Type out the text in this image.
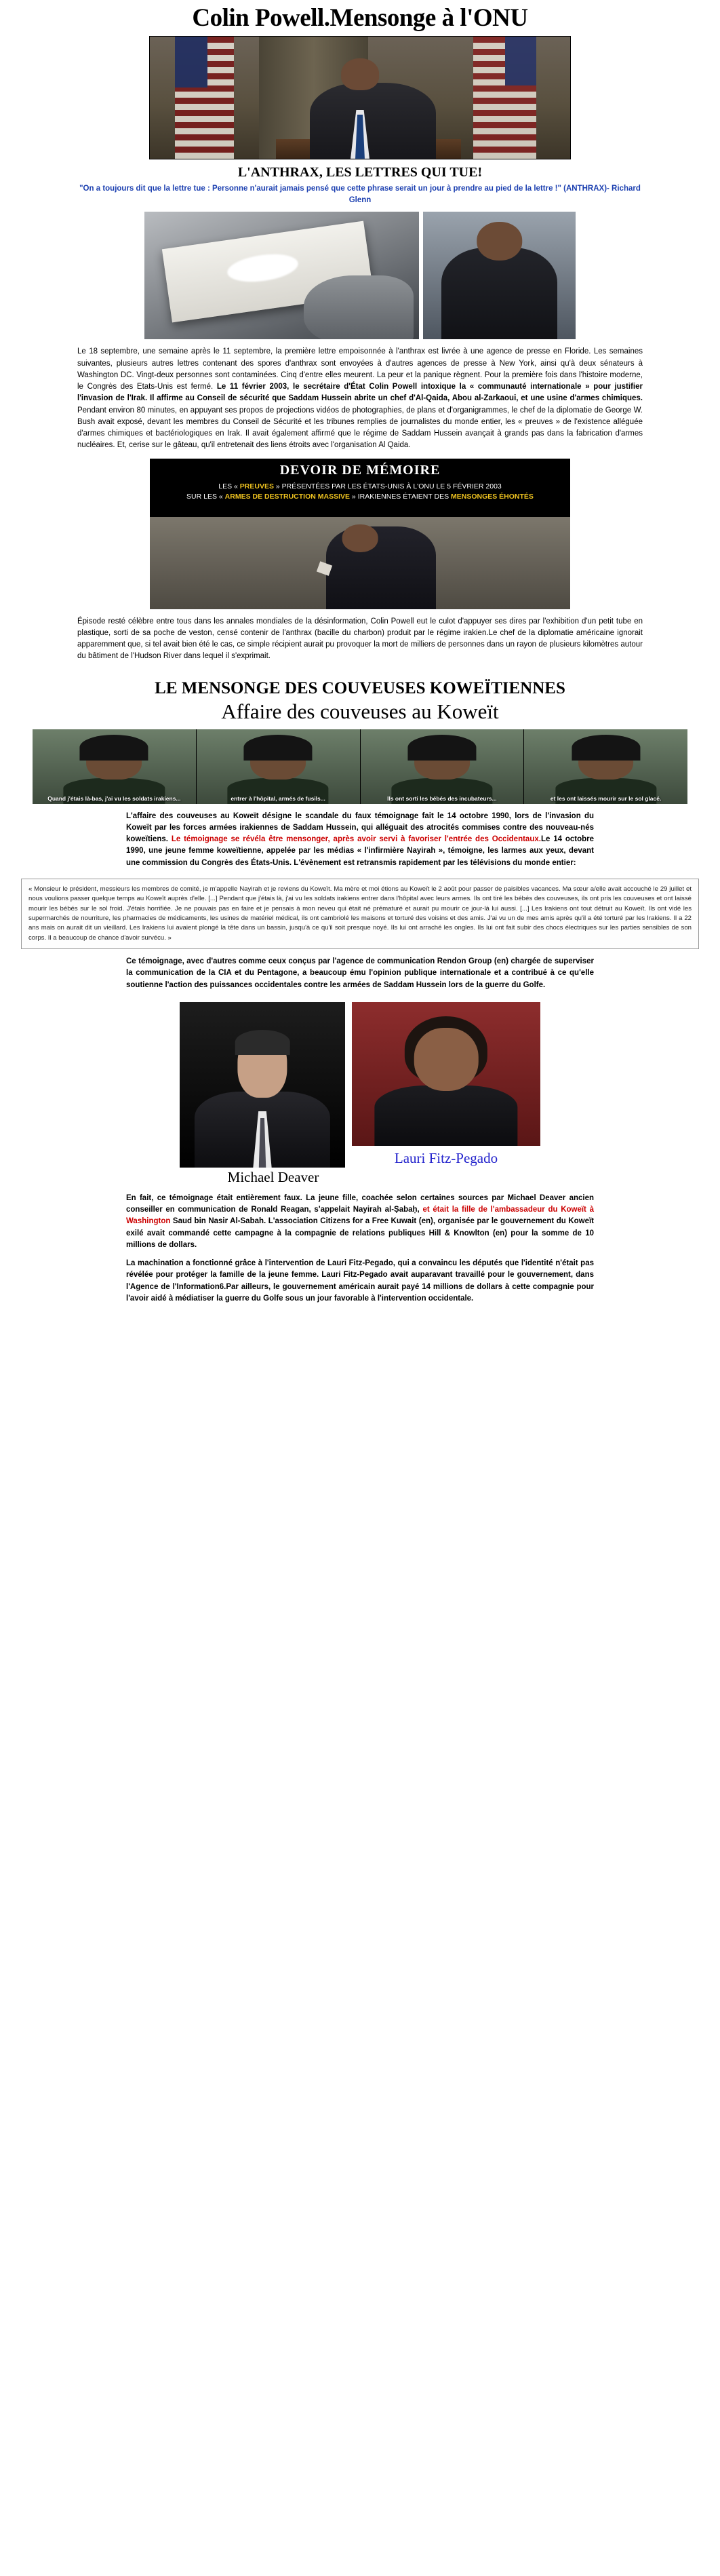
Colin Powell.Mensonge à l'ONU
L'ANTHRAX, LES LETTRES QUI TUE!
"On a toujours dit que la lettre tue : Personne n'aurait jamais pensé que cette phrase serait un jour à prendre au pied de la lettre !" (ANTHRAX)- Richard Glenn

Le 18 septembre, une semaine après le 11 septembre, la première lettre empoisonnée à l'anthrax est livrée à une agence de presse en Floride. Les semaines suivantes, plusieurs autres lettres contenant des spores d'anthrax sont envoyées à d'autres agences de presse à New York, ainsi qu'à deux sénateurs à Washington DC. Vingt-deux personnes sont contaminées. Cinq d'entre elles meurent. La peur et la panique règnent. Pour la première fois dans l'histoire moderne, le Congrès des Etats-Unis est fermé. Le 11 février 2003, le secrétaire d'État Colin Powell intoxique la « communauté internationale » pour justifier l'invasion de l'Irak. Il affirme au Conseil de sécurité que Saddam Hussein abrite un chef d'Al-Qaida, Abou al-Zarkaoui, et une usine d'armes chimiques. Pendant environ 80 minutes, en appuyant ses propos de projections vidéos de photographies, de plans et d'organigrammes, le chef de la diplomatie de George W. Bush avait exposé, devant les membres du Conseil de Sécurité et les tribunes remplies de journalistes du monde entier, les « preuves » de l'existence alléguée d'armes chimiques et bactériologiques en Irak. Il avait également affirmé que le régime de Saddam Hussein avançait à grands pas dans la fabrication d'armes nucléaires. Et, cerise sur le gâteau, qu'il entretenait des liens étroits avec l'organisation Al Qaida.

DEVOIR DE MÉMOIRE
LES « PREUVES » PRÉSENTÉES PAR LES ÉTATS-UNIS À L'ONU LE 5 FÉVRIER 2003
SUR LES « ARMES DE DESTRUCTION MASSIVE » IRAKIENNES ÉTAIENT DES MENSONGES ÉHONTÉS

Épisode resté célèbre entre tous dans les annales mondiales de la désinformation, Colin Powell eut le culot d'appuyer ses dires par l'exhibition d'un petit tube en plastique, sorti de sa poche de veston, censé contenir de l'anthrax (bacille du charbon) produit par le régime irakien.Le chef de la diplomatie américaine ignorait apparemment que, si tel avait bien été le cas, ce simple récipient aurait pu provoquer la mort de milliers de personnes dans un rayon de plusieurs kilomètres autour du bâtiment de l'Hudson River dans lequel il s'exprimait.

LE MENSONGE DES COUVEUSES KOWEÏTIENNES
Affaire des couveuses au Koweït
Quand j'étais là-bas, j'ai vu les soldats irakiens...	entrer à l'hôpital, armés de fusils...	Ils ont sorti les bébés des incubateurs...	et les ont laissés mourir sur le sol glacé.

L'affaire des couveuses au Koweït désigne le scandale du faux témoignage fait le 14 octobre 1990, lors de l'invasion du Koweït par les forces armées irakiennes de Saddam Hussein, qui alléguait des atrocités commises contre des nouveau-nés koweïtiens. Le témoignage se révéla être mensonger, après avoir servi à favoriser l'entrée des Occidentaux.Le 14 octobre 1990, une jeune femme koweïtienne, appelée par les médias « l'infirmière Nayirah », témoigne, les larmes aux yeux, devant une commission du Congrès des États-Unis. L'évènement est retransmis rapidement par les télévisions du monde entier:

« Monsieur le président, messieurs les membres de comité, je m'appelle Nayirah et je reviens du Koweït. Ma mère et moi étions au Koweït le 2 août pour passer de paisibles vacances. Ma sœur a/elle avait accouché le 29 juillet et nous voulions passer quelque temps au Koweït auprès d'elle. [...] Pendant que j'étais là, j'ai vu les soldats irakiens entrer dans l'hôpital avec leurs armes. Ils ont tiré les bébés des couveuses, ils ont pris les couveuses et ont laissé mourir les bébés sur le sol froid. J'étais horrifiée. Je ne pouvais pas en faire et je pensais à mon neveu qui était né prématuré et aurait pu mourir ce jour-là lui aussi. [...] Les Irakiens ont tout détruit au Koweït. Ils ont vidé les supermarchés de nourriture, les pharmacies de médicaments, les usines de matériel médical, ils ont cambriolé les maisons et torturé des voisins et des amis. J'ai vu un de mes amis après qu'il a été torturé par les Irakiens. Il a 22 ans mais on aurait dit un vieillard. Les Irakiens lui avaient plongé la tête dans un bassin, jusqu'à ce qu'il soit presque noyé. Ils lui ont arraché les ongles. Ils lui ont fait subir des chocs électriques sur les parties sensibles de son corps. Il a beaucoup de chance d'avoir survécu. »

Ce témoignage, avec d'autres comme ceux conçus par l'agence de communication Rendon Group (en) chargée de superviser la communication de la CIA et du Pentagone, a beaucoup ému l'opinion publique internationale et a contribué à ce qu'elle soutienne l'action des puissances occidentales contre les armées de Saddam Hussein lors de la guerre du Golfe.

Lauri Fitz-Pegado
Michael Deaver

En fait, ce témoignage était entièrement faux. La jeune fille, coachée selon certaines sources par Michael Deaver ancien conseiller en communication de Ronald Reagan, s'appelait Nayirah al-Ṣabaḥ, et était la fille de l'ambassadeur du Koweït à Washington Saud bin Nasir Al-Sabah. L'association Citizens for a Free Kuwait (en), organisée par le gouvernement du Koweït exilé avait commandé cette campagne à la compagnie de relations publiques Hill & Knowlton (en) pour la somme de 10 millions de dollars.

La machination a fonctionné grâce à l'intervention de Lauri Fitz-Pegado, qui a convaincu les députés que l'identité n'était pas révélée pour protéger la famille de la jeune femme. Lauri Fitz-Pegado avait auparavant travaillé pour le gouvernement, dans l'Agence de l'Information6.Par ailleurs, le gouvernement américain aurait payé 14 millions de dollars à cette compagnie pour l'avoir aidé à médiatiser la guerre du Golfe sous un jour favorable à l'intervention occidentale.
